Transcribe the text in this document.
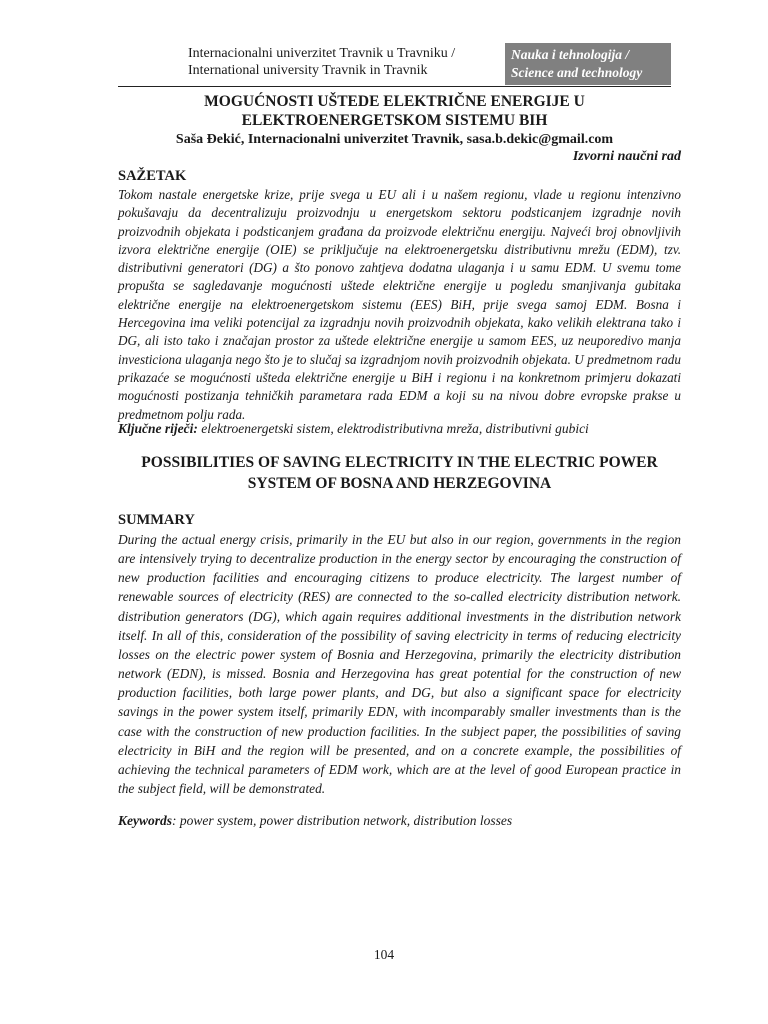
Internacionalni univerzitet Travnik u Travniku /
International university Travnik in Travnik
Nauka i tehnologija /
Science and technology
MOGUĆNOSTI UŠTEDE ELEKTRIČNE ENERGIJE U
ELEKTROENERGETSKOM SISTEMU BIH
Saša Đekić, Internacionalni univerzitet Travnik, sasa.b.dekic@gmail.com
Izvorni naučni rad
SAŽETAK

Tokom nastale energetske krize, prije svega u EU ali i u našem regionu, vlade u regionu intenzivno pokušavaju da decentralizuju proizvodnju u energetskom sektoru podsticanjem izgradnje novih proizvodnih objekata i podsticanjem građana da proizvode električnu energiju. Najveći broj obnovljivih izvora električne energije (OIE) se priključuje na elektroenergetsku distributivnu mrežu (EDM), tzv. distributivni generatori (DG) a što ponovo zahtjeva dodatna ulaganja i u samu EDM. U svemu tome propušta se sagledavanje mogućnosti uštede električne energije u pogledu smanjivanja gubitaka električne energije na elektroenergetskom sistemu (EES) BiH, prije svega samoj EDM. Bosna i Hercegovina ima veliki potencijal za izgradnju novih proizvodnih objekata, kako velikih elektrana tako i DG, ali isto tako i značajan prostor za uštede električne energije u samom EES, uz neuporedivo manja investiciona ulaganja nego što je to slučaj sa izgradnjom novih proizvodnih objekata. U predmetnom radu prikazaće se mogućnosti ušteda električne energije u BiH i regionu i na konkretnom primjeru dokazati mogućnosti postizanja tehničkih parametara rada EDM a koji su na nivou dobre evropske prakse u predmetnom polju rada.

Ključne riječi: elektroenergetski sistem, elektrodistributivna mreža, distributivni gubici
POSSIBILITIES OF SAVING ELECTRICITY IN THE ELECTRIC POWER
SYSTEM OF BOSNA AND HERZEGOVINA
SUMMARY

During the actual energy crisis, primarily in the EU but also in our region, governments in the region are intensively trying to decentralize production in the energy sector by encouraging the construction of new production facilities and encouraging citizens to produce electricity. The largest number of renewable sources of electricity (RES) are connected to the so-called electricity distribution network. distribution generators (DG), which again requires additional investments in the distribution network itself. In all of this, consideration of the possibility of saving electricity in terms of reducing electricity losses on the electric power system of Bosnia and Herzegovina, primarily the electricity distribution network (EDN), is missed. Bosnia and Herzegovina has great potential for the construction of new production facilities, both large power plants, and DG, but also a significant space for electricity savings in the power system itself, primarily EDN, with incomparably smaller investments than is the case with the construction of new production facilities. In the subject paper, the possibilities of saving electricity in BiH and the region will be presented, and on a concrete example, the possibilities of achieving the technical parameters of EDM work, which are at the level of good European practice in the subject field, will be demonstrated.

Keywords: power system, power distribution network, distribution losses
104
